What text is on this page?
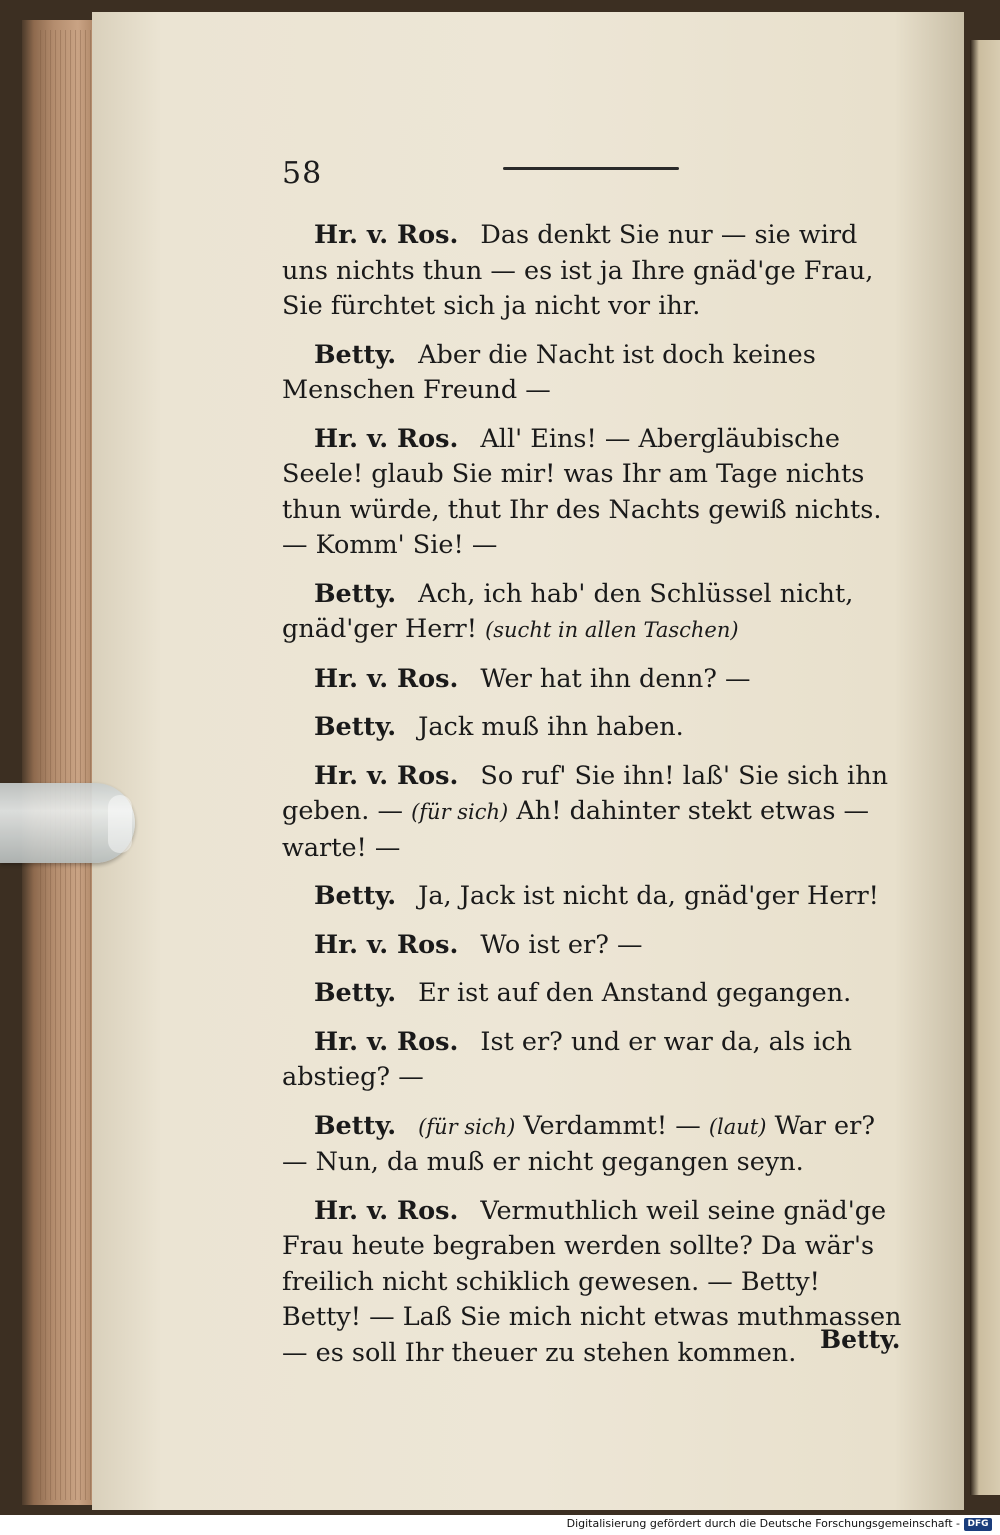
58

Hr. v. Ros. Das denkt Sie nur — sie wird uns nichts thun — es ist ja Ihre gnäd'ge Frau, Sie fürchtet sich ja nicht vor ihr.

Betty. Aber die Nacht ist doch keines Menschen Freund —

Hr. v. Ros. All' Eins! — Abergläubische Seele! glaub Sie mir! was Ihr am Tage nichts thun würde, thut Ihr des Nachts gewiß nichts. — Komm' Sie! —

Betty. Ach, ich hab' den Schlüssel nicht, gnäd'ger Herr! (sucht in allen Taschen)

Hr. v. Ros. Wer hat ihn denn? —

Betty. Jack muß ihn haben.

Hr. v. Ros. So ruf' Sie ihn! laß' Sie sich ihn geben. — (für sich) Ah! dahinter stekt etwas — warte! —

Betty. Ja, Jack ist nicht da, gnäd'ger Herr!

Hr. v. Ros. Wo ist er? —

Betty. Er ist auf den Anstand gegangen.

Hr. v. Ros. Ist er? und er war da, als ich abstieg? —

Betty. (für sich) Verdammt! — (laut) War er? — Nun, da muß er nicht gegangen seyn.

Hr. v. Ros. Vermuthlich weil seine gnäd'ge Frau heute begraben werden sollte? Da wär's freilich nicht schiklich gewesen. — Betty! Betty! — Laß Sie mich nicht etwas muthmassen — es soll Ihr theuer zu stehen kommen. Betty.
Digitalisierung gefördert durch die Deutsche Forschungsgemeinschaft - DFG
